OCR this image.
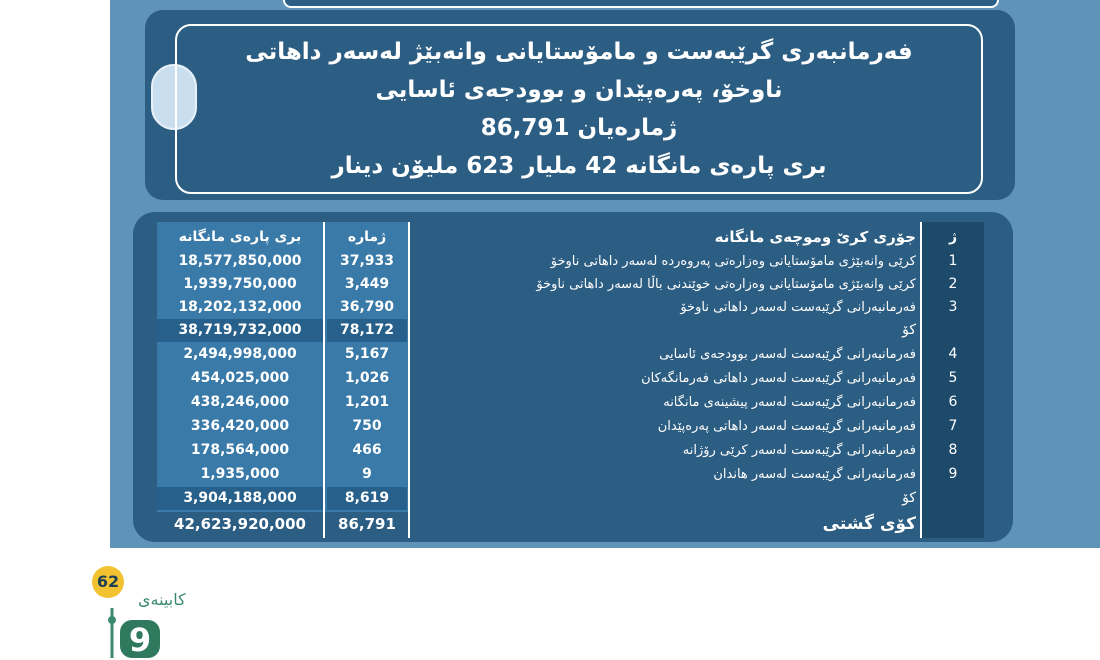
فەرمانبەری گرێبەست و مامۆستایانی وانەبێژ لەسەر داهاتی
ناوخۆ، پەرەپێدان و بوودجەی ئاسایی
ژمارەیان 86,791
بری پارەی مانگانە 42 ملیار 623 ملیۆن دینار
بری پارەی مانگانە	ژمارە	جۆری کرێ وموچەی مانگانە	ژ
18,577,850,000	37,933	کرێی وانەبێژی مامۆستایانی وەزارەتی پەروەردە لەسەر داهاتی ناوخۆ	1
1,939,750,000	3,449	کرێی وانەبێژی مامۆستایانی وەزارەتی خوێندنی باڵا لەسەر داهاتی ناوخۆ	2
18,202,132,000	36,790	فەرمانبەرانی گرێبەست لەسەر داهاتی ناوخۆ	3
38,719,732,000	78,172	کۆ
2,494,998,000	5,167	فەرمانبەرانی گرێبەست لەسەر بوودجەی ئاسایی	4
454,025,000	1,026	فەرمانبەرانی گرێبەست لەسەر داهاتی فەرمانگەکان	5
438,246,000	1,201	فەرمانبەرانی گرێبەست لەسەر پیشینەی مانگانە	6
336,420,000	750	فەرمانبەرانی گرێبەست لەسەر داهاتی پەرەپێدان	7
178,564,000	466	فەرمانبەرانی گرێبەست لەسەر کرێی رۆژانە	8
1,935,000	9	فەرمانبەرانی گرێبەست لەسەر هاندان	9
3,904,188,000	8,619	کۆ
42,623,920,000	86,791	کۆی گشتی
62
کابینەی
9
